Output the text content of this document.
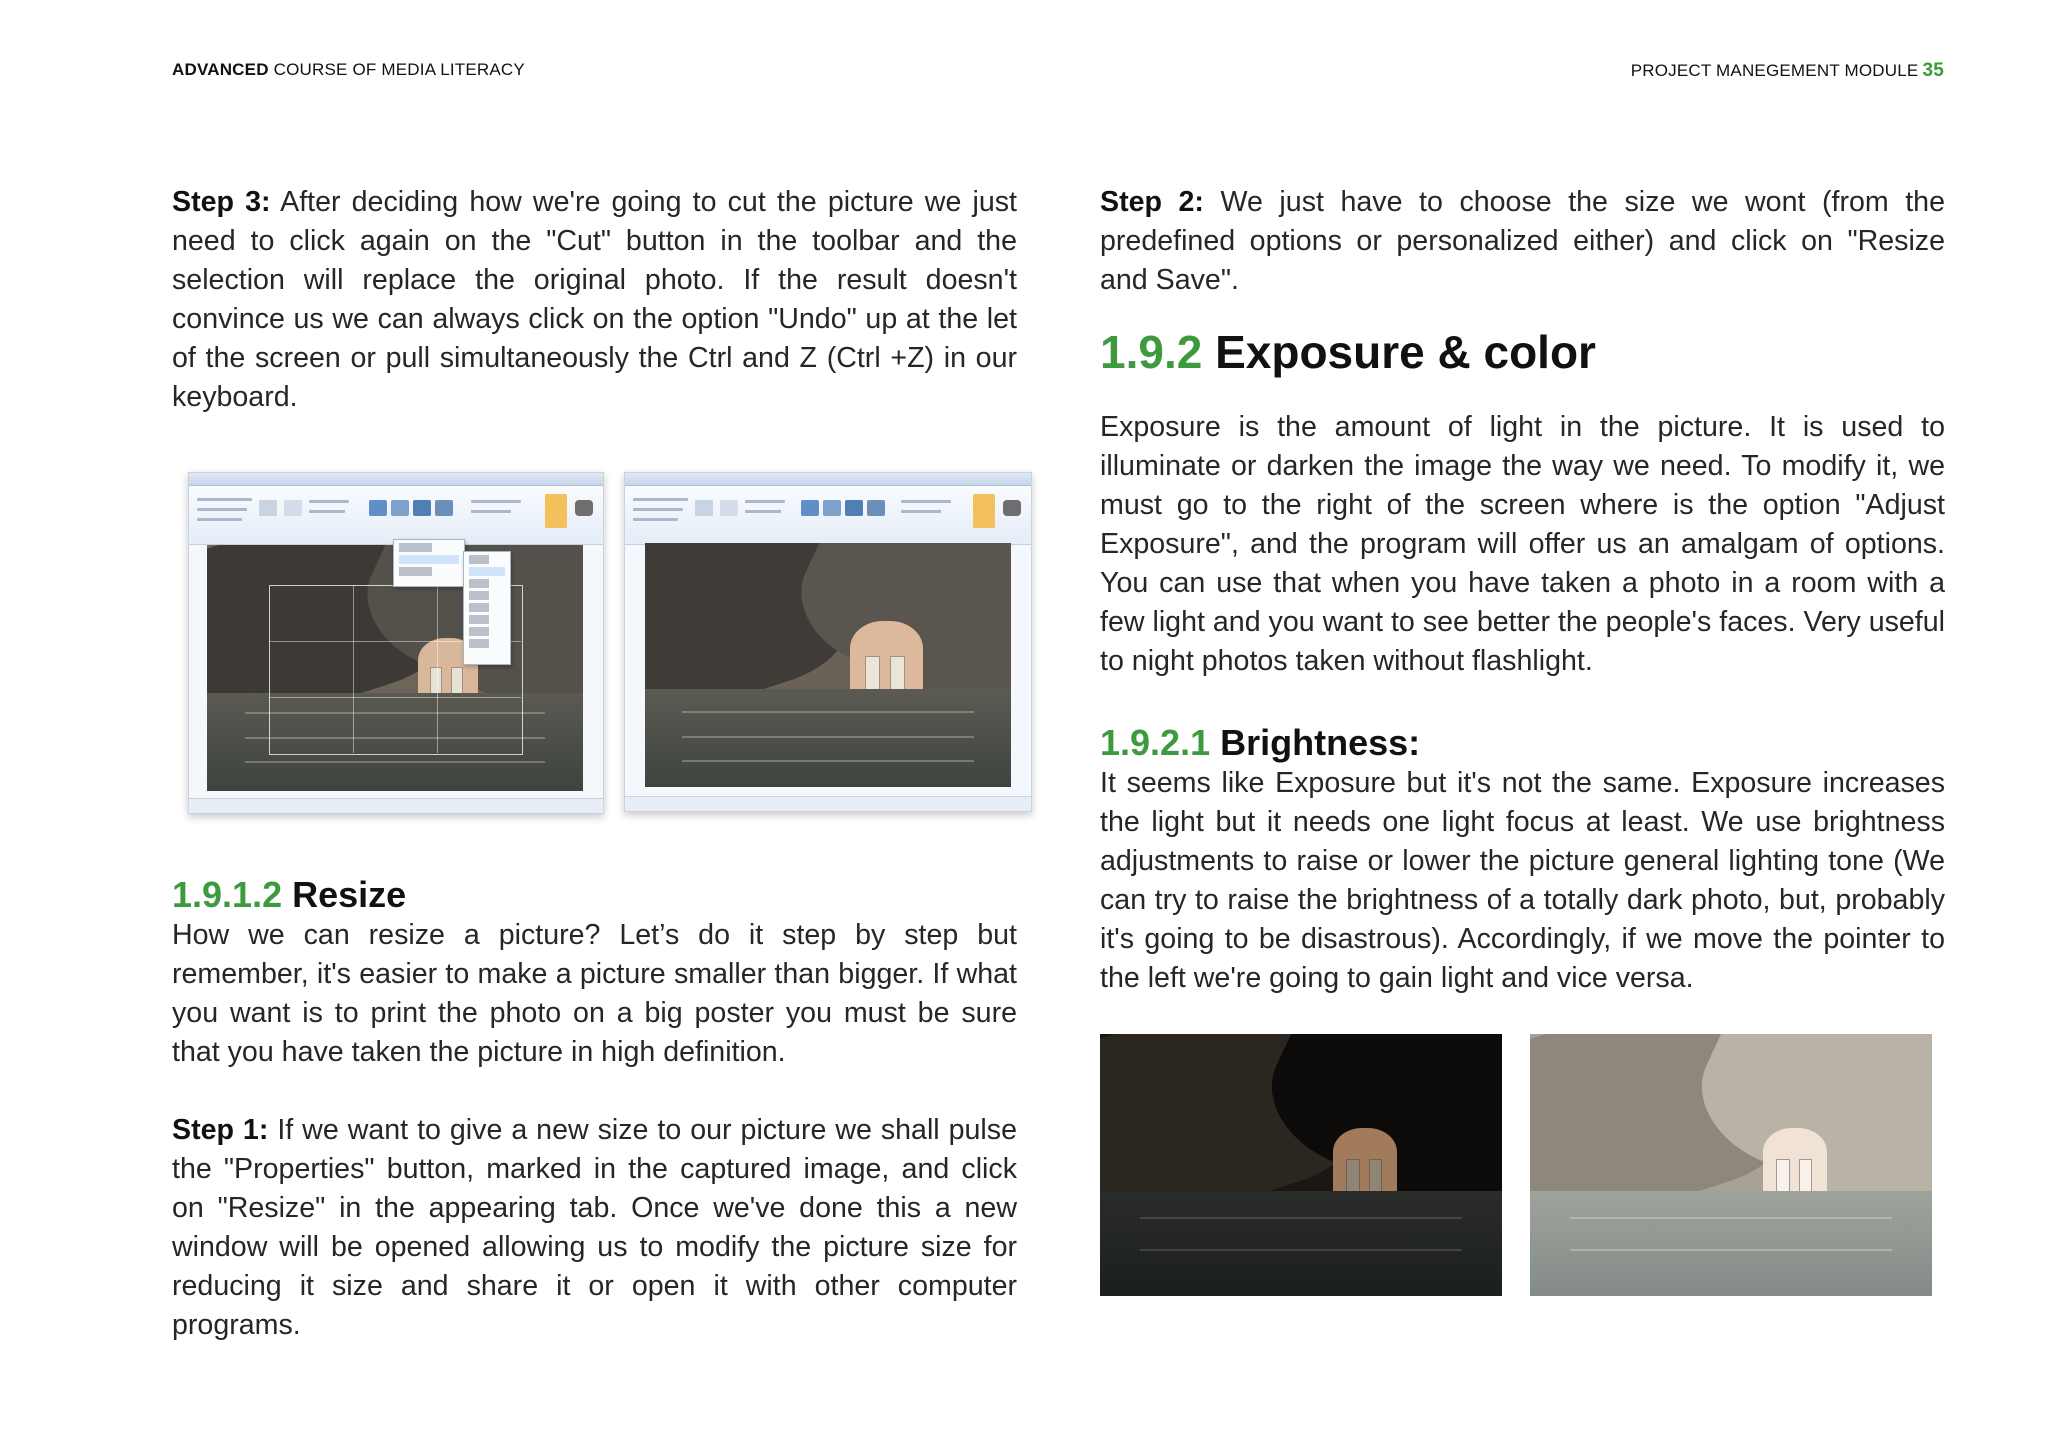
ADVANCED COURSE OF MEDIA LITERACY	PROJECT MANEGEMENT MODULE 35

Step 3: After deciding how we're going to cut the picture we just need to click again on the "Cut" button in the toolbar and the selection will replace the original photo. If the result doesn't convince us we can always click on the option "Undo" up at the let of the screen or pull simultaneously the Ctrl and Z (Ctrl +Z) in our keyboard.

1.9.1.2 Resize

How we can resize a picture? Let’s do it step by step but remember, it's easier to make a picture smaller than bigger. If what you want is to print the photo on a big poster you must be sure that you have taken the picture in high definition.

Step 1: If we want to give a new size to our picture we shall pulse the "Properties" button, marked in the captured image, and click on "Resize" in the appearing tab. Once we've done this a new window will be opened allowing us to modify the picture size for reducing it size and share it or open it with other computer programs.

Step 2: We just have to choose the size we wont (from the predefined options or personalized either) and click on "Resize and Save".

1.9.2 Exposure & color

Exposure is the amount of light in the picture. It is used to illuminate or darken the image the way we need. To modify it, we must go to the right of the screen where is the option "Adjust Exposure", and the program will offer us an amalgam of options. You can use that when you have taken a photo in a room with a few light and you want to see better the people's faces. Very useful to night photos taken without flashlight.

1.9.2.1 Brightness:

It seems like Exposure but it's not the same. Exposure increases the light but it needs one light focus at least. We use brightness adjustments to raise or lower the picture general lighting tone (We can try to raise the brightness of a totally dark photo, but, probably it's going to be disastrous). Accordingly, if we move the pointer to the left we're going to gain light and vice versa.
